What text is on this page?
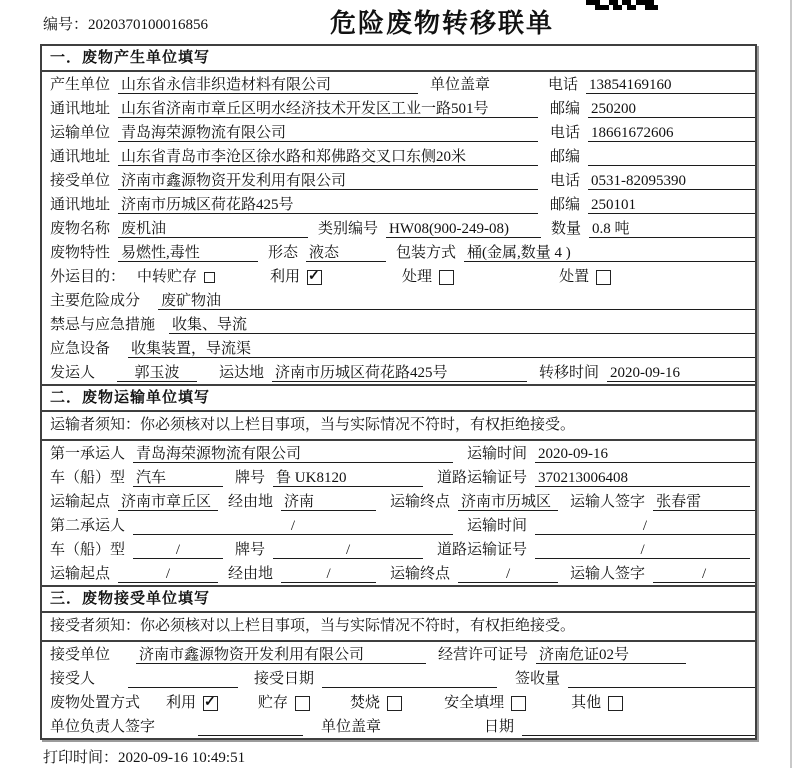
编号：2020370100016856	危险废物转移联单
一．废物产生单位填写
产生单位 山东省永信非织造材料有限公司	单位盖章	电话 13854169160
通讯地址 山东省济南市章丘区明水经济技术开发区工业一路501号	邮编 250200
运输单位 青岛海荣源物流有限公司	电话 18661672606
通讯地址 山东省青岛市李沧区徐水路和郑佛路交叉口东侧20米	邮编
接受单位 济南市鑫源物资开发利用有限公司	电话 0531-82095390
通讯地址 济南市历城区荷花路425号	邮编 250101
废物名称 废机油	类别编号 HW08(900-249-08)	数量 0.8 吨
废物特性 易燃性,毒性	形态 液态	包装方式 桶(金属,数量 4 )
外运目的： 中转贮存	利用 ✓	处理	处置
主要危险成分 废矿物油
禁忌与应急措施 收集、导流
应急设备 收集装置，导流渠
发运人	郭玉波	运达地 济南市历城区荷花路425号	转移时间 2020-09-16
二．废物运输单位填写
运输者须知：你必须核对以上栏目事项，当与实际情况不符时，有权拒绝接受。
第一承运人 青岛海荣源物流有限公司	运输时间 2020-09-16
车（船）型 汽车	牌号 鲁 UK8120	道路运输证号 370213006408
运输起点 济南市章丘区	经由地 济南	运输终点 济南市历城区	运输人签字 张春雷
第二承运人	/	运输时间	/
车（船）型	/	牌号	/	道路运输证号	/
运输起点	/	经由地	/	运输终点	/	运输人签字	/
三．废物接受单位填写
接受者须知：你必须核对以上栏目事项，当与实际情况不符时，有权拒绝接受。
接受单位 济南市鑫源物资开发利用有限公司	经营许可证号 济南危证02号
接受人	接受日期	签收量
废物处置方式 利用 ✓	贮存	焚烧	安全填埋	其他
单位负责人签字	单位盖章	日期
打印时间：2020-09-16 10:49:51
